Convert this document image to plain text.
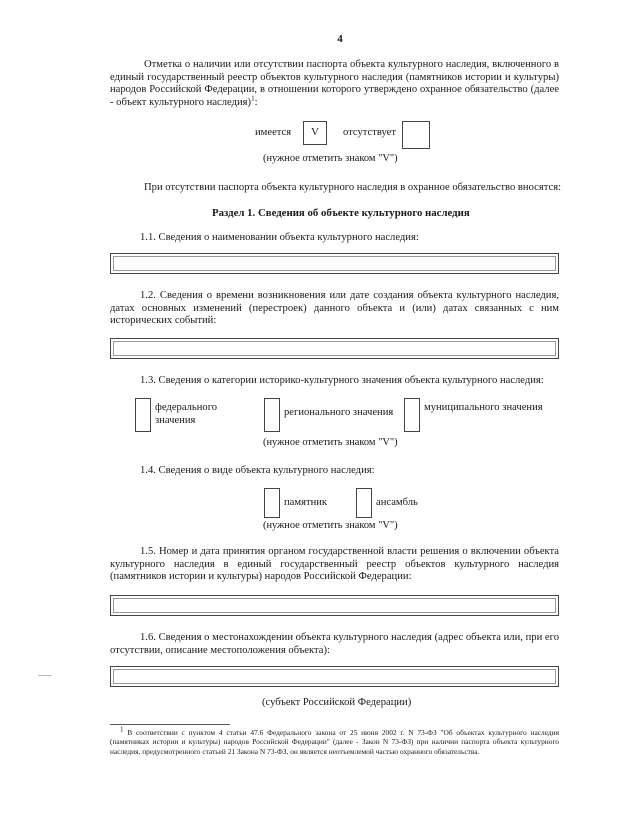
4
Отметка о наличии или отсутствии паспорта объекта культурного наследия, включенного в единый государственный реестр объектов культурного наследия (памятников истории и культуры) народов Российской Федерации, в отношении которого утверждено охранное обязательство (далее - объект культурного наследия)$^1$:
имеется	V	отсутствует
(нужное отметить знаком "V")
При отсутствии паспорта объекта культурного наследия в охранное обязательство вносятся:
Раздел 1. Сведения об объекте культурного наследия
1.1. Сведения о наименовании объекта культурного наследия:
1.2. Сведения о времени возникновения или дате создания объекта культурного наследия, датах основных изменений (перестроек) данного объекта и (или) датах связанных с ним исторических событий:
1.3. Сведения о категории историко-культурного значения объекта культурного наследия:
федерального значения
регионального значения	муниципального значения
(нужное отметить знаком "V")
1.4. Сведения о виде объекта культурного наследия:
памятник	ансамбль
(нужное отметить знаком "V")
1.5. Номер и дата принятия органом государственной власти решения о включении объекта культурного наследия в единый государственный реестр объектов культурного наследия (памятников истории и культуры) народов Российской Федерации:
1.6. Сведения о местонахождении объекта культурного наследия (адрес объекта или, при его отсутствии, описание местоположения объекта):
(субъект Российской Федерации)
1 В соответствии с пунктом 4 статьи 47.6 Федерального закона от 25 июня 2002 г. N 73-ФЗ "Об объектах культурного наследия (памятниках истории и культуры) народов Российской Федерации" (далее - Закон N 73-ФЗ) при наличии паспорта объекта культурного наследия, предусмотренного статьей 21 Закона N 73-ФЗ, он является неотъемлемой частью охранного обязательства.
